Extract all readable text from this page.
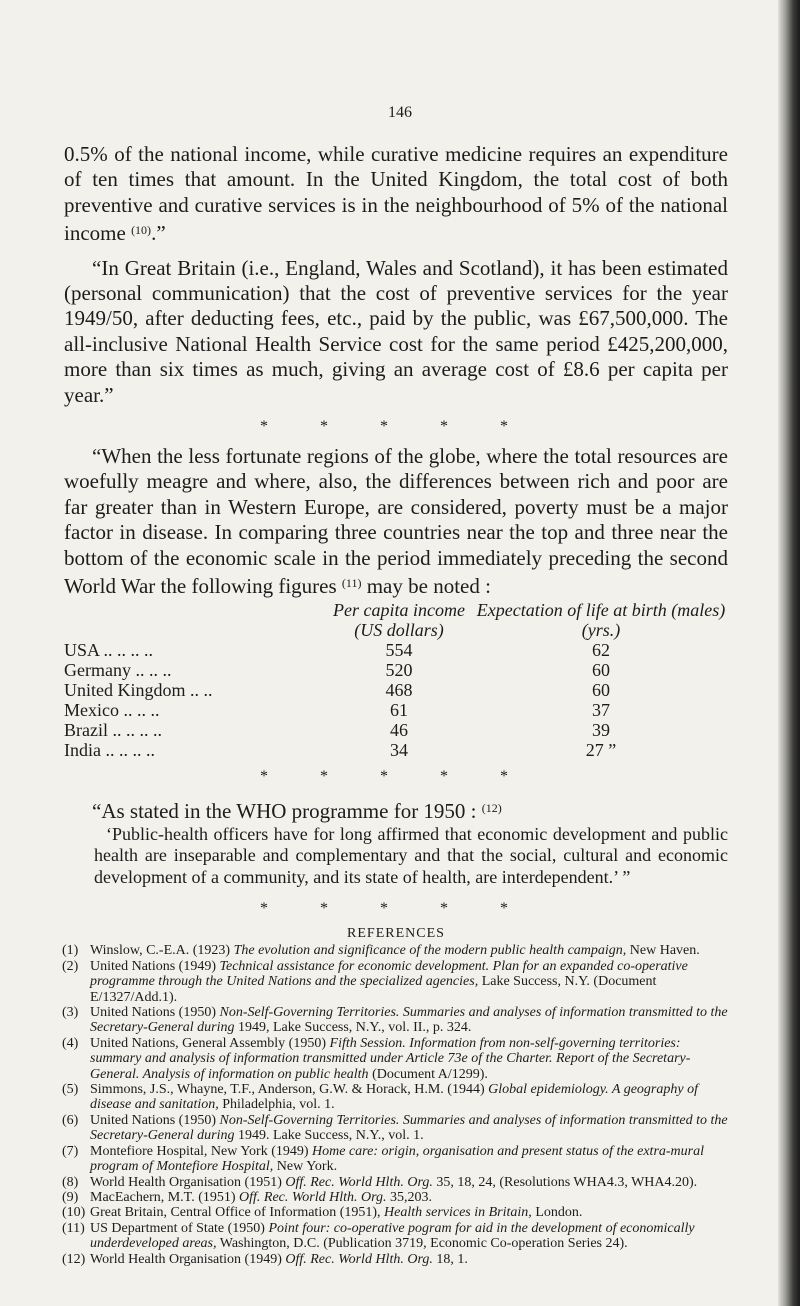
146

0.5% of the national income, while curative medicine requires an expenditure of ten times that amount. In the United Kingdom, the total cost of both preventive and curative services is in the neighbourhood of 5% of the national income $^{(10)}$.”

“In Great Britain (i.e., England, Wales and Scotland), it has been estimated (personal communication) that the cost of preventive services for the year 1949/50, after deducting fees, etc., paid by the public, was £67,500,000. The all-inclusive National Health Service cost for the same period £425,200,000, more than six times as much, giving an average cost of £8.6 per capita per year.”

* * * * *

“When the less fortunate regions of the globe, where the total resources are woefully meagre and where, also, the differences between rich and poor are far greater than in Western Europe, are considered, poverty must be a major factor in disease. In comparing three countries near the top and three near the bottom of the economic scale in the period immediately preceding the second World War the following figures $^{(11)}$ may be noted :

	Per capita income (US dollars)	Expectation of life at birth (males) (yrs.)
USA .. .. .. ..	554	62
Germany .. .. ..	520	60
United Kingdom .. ..	468	60
Mexico .. .. ..	61	37
Brazil .. .. .. ..	46	39
India .. .. .. ..	34	27 ”

* * * * *

“As stated in the WHO programme for 1950 : $^{(12)}$

‘Public-health officers have for long affirmed that economic development and public health are inseparable and complementary and that the social, cultural and economic development of a community, and its state of health, are interdependent.’ ”

* * * * *

REFERENCES

(1) Winslow, C.-E.A. (1923) The evolution and significance of the modern public health campaign, New Haven.

(2) United Nations (1949) Technical assistance for economic development. Plan for an expanded co-operative programme through the United Nations and the specialized agencies, Lake Success, N.Y. (Document E/1327/Add.1).

(3) United Nations (1950) Non-Self-Governing Territories. Summaries and analyses of information transmitted to the Secretary-General during 1949, Lake Success, N.Y., vol. II., p. 324.

(4) United Nations, General Assembly (1950) Fifth Session. Information from non-self-governing territories: summary and analysis of information transmitted under Article 73e of the Charter. Report of the Secretary-General. Analysis of information on public health (Document A/1299).

(5) Simmons, J.S., Whayne, T.F., Anderson, G.W. & Horack, H.M. (1944) Global epidemiology. A geography of disease and sanitation, Philadelphia, vol. 1.

(6) United Nations (1950) Non-Self-Governing Territories. Summaries and analyses of information transmitted to the Secretary-General during 1949. Lake Success, N.Y., vol. 1.

(7) Montefiore Hospital, New York (1949) Home care: origin, organisation and present status of the extra-mural program of Montefiore Hospital, New York.

(8) World Health Organisation (1951) Off. Rec. World Hlth. Org. 35, 18, 24, (Resolutions WHA4.3, WHA4.20).

(9) MacEachern, M.T. (1951) Off. Rec. World Hlth. Org. 35,203.

(10) Great Britain, Central Office of Information (1951), Health services in Britain, London.

(11) US Department of State (1950) Point four: co-operative pogram for aid in the development of economically underdeveloped areas, Washington, D.C. (Publication 3719, Economic Co-operation Series 24).

(12) World Health Organisation (1949) Off. Rec. World Hlth. Org. 18, 1.
